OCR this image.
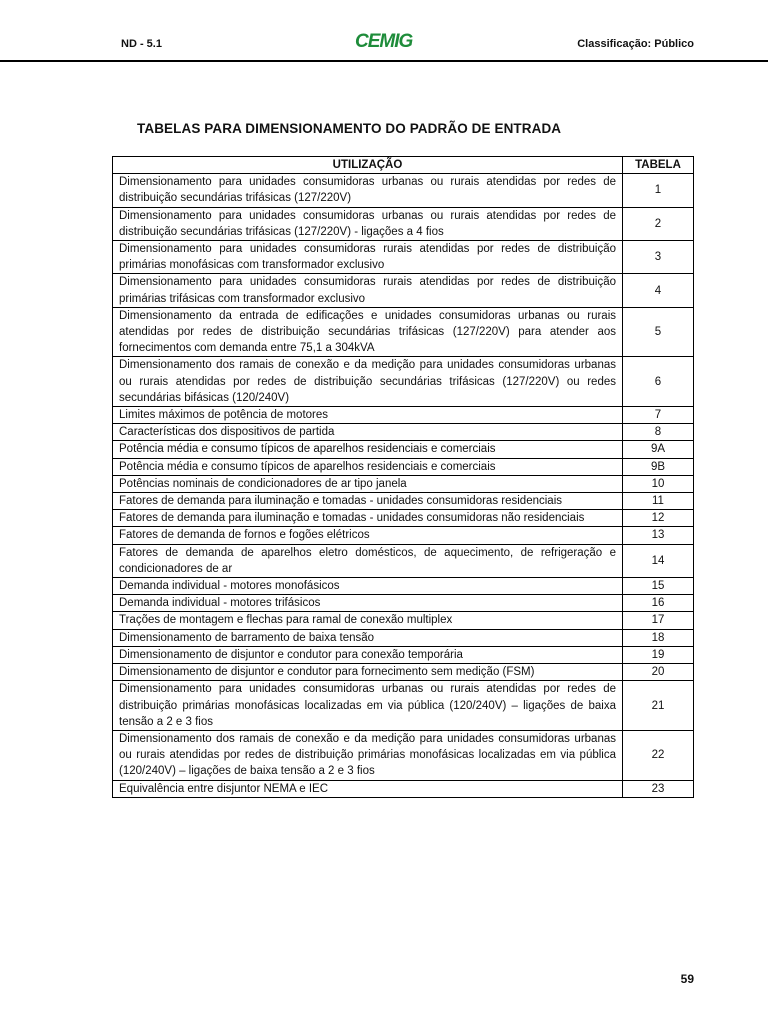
ND - 5.1	CEMIG	Classificação: Público
TABELAS PARA DIMENSIONAMENTO DO PADRÃO DE ENTRADA
UTILIZAÇÃO	TABELA
Dimensionamento para unidades consumidoras urbanas ou rurais atendidas por redes de distribuição secundárias trifásicas (127/220V)	1
Dimensionamento para unidades consumidoras urbanas ou rurais atendidas por redes de distribuição secundárias trifásicas (127/220V) - ligações a 4 fios	2
Dimensionamento para unidades consumidoras rurais atendidas por redes de distribuição primárias monofásicas com transformador exclusivo	3
Dimensionamento para unidades consumidoras rurais atendidas por redes de distribuição primárias trifásicas com transformador exclusivo	4
Dimensionamento da entrada de edificações e unidades consumidoras urbanas ou rurais atendidas por redes de distribuição secundárias trifásicas (127/220V) para atender aos fornecimentos com demanda entre 75,1 a 304kVA	5
Dimensionamento dos ramais de conexão e da medição para unidades consumidoras urbanas ou rurais atendidas por redes de distribuição secundárias trifásicas (127/220V) ou redes secundárias bifásicas (120/240V)	6
Limites máximos de potência de motores	7
Características dos dispositivos de partida	8
Potência média e consumo típicos de aparelhos residenciais e comerciais	9A
Potência média e consumo típicos de aparelhos residenciais e comerciais	9B
Potências nominais de condicionadores de ar tipo janela	10
Fatores de demanda para iluminação e tomadas - unidades consumidoras residenciais	11
Fatores de demanda para iluminação e tomadas - unidades consumidoras não residenciais	12
Fatores de demanda de fornos e fogões elétricos	13
Fatores de demanda de aparelhos eletro domésticos, de aquecimento, de refrigeração e condicionadores de ar	14
Demanda individual - motores monofásicos	15
Demanda individual - motores trifásicos	16
Trações de montagem e flechas para ramal de conexão multiplex	17
Dimensionamento de barramento de baixa tensão	18
Dimensionamento de disjuntor e condutor para conexão temporária	19
Dimensionamento de disjuntor e condutor para fornecimento sem medição (FSM)	20
Dimensionamento para unidades consumidoras urbanas ou rurais atendidas por redes de distribuição primárias monofásicas localizadas em via pública (120/240V) – ligações de baixa tensão a 2 e 3 fios	21
Dimensionamento dos ramais de conexão e da medição para unidades consumidoras urbanas ou rurais atendidas por redes de distribuição primárias monofásicas localizadas em via pública (120/240V) – ligações de baixa tensão a 2 e 3 fios	22
Equivalência entre disjuntor NEMA e IEC	23
59
